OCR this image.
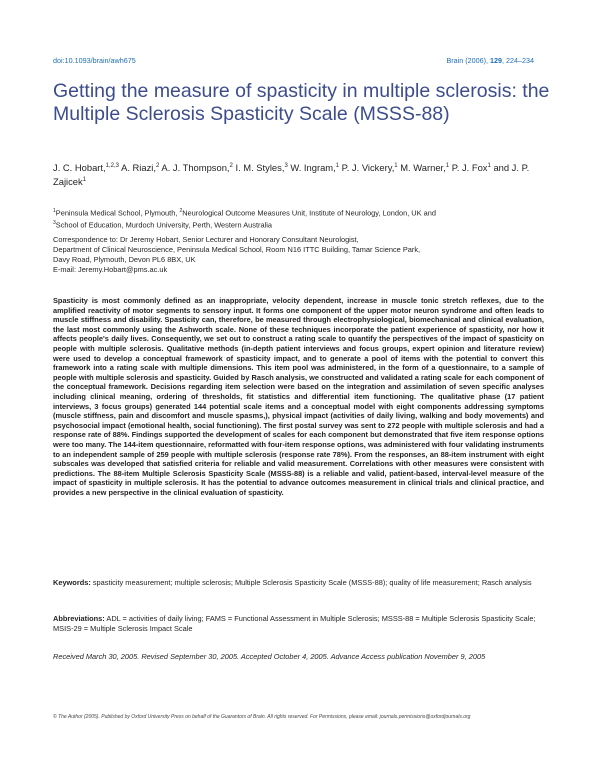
doi:10.1093/brain/awh675	Brain (2006), 129, 224–234
Getting the measure of spasticity in multiple sclerosis: the Multiple Sclerosis Spasticity Scale (MSSS-88)
J. C. Hobart,$^{1,2,3}$ A. Riazi,$^2$ A. J. Thompson,$^2$ I. M. Styles,$^3$ W. Ingram,$^1$ P. J. Vickery,$^1$ M. Warner,$^1$ P. J. Fox$^1$ and J. P. Zajicek$^1$
$^1$Peninsula Medical School, Plymouth, $^2$Neurological Outcome Measures Unit, Institute of Neurology, London, UK and
$^3$School of Education, Murdoch University, Perth, Western Australia
Correspondence to: Dr Jeremy Hobart, Senior Lecturer and Honorary Consultant Neurologist,
Department of Clinical Neuroscience, Peninsula Medical School, Room N16 ITTC Building, Tamar Science Park,
Davy Road, Plymouth, Devon PL6 8BX, UK
E-mail: Jeremy.Hobart@pms.ac.uk
Spasticity is most commonly defined as an inappropriate, velocity dependent, increase in muscle tonic stretch reflexes, due to the amplified reactivity of motor segments to sensory input. It forms one component of the upper motor neuron syndrome and often leads to muscle stiffness and disability. Spasticity can, therefore, be measured through electrophysiological, biomechanical and clinical evaluation, the last most commonly using the Ashworth scale. None of these techniques incorporate the patient experience of spasticity, nor how it affects people's daily lives. Consequently, we set out to construct a rating scale to quantify the perspectives of the impact of spasticity on people with multiple sclerosis. Qualitative methods (in-depth patient interviews and focus groups, expert opinion and literature review) were used to develop a conceptual framework of spasticity impact, and to generate a pool of items with the potential to convert this framework into a rating scale with multiple dimensions. This item pool was administered, in the form of a questionnaire, to a sample of people with multiple sclerosis and spasticity. Guided by Rasch analysis, we constructed and validated a rating scale for each component of the conceptual framework. Decisions regarding item selection were based on the integration and assimilation of seven specific analyses including clinical meaning, ordering of thresholds, fit statistics and differential item functioning. The qualitative phase (17 patient interviews, 3 focus groups) generated 144 potential scale items and a conceptual model with eight components addressing symptoms (muscle stiffness, pain and discomfort and muscle spasms,), physical impact (activities of daily living, walking and body movements) and psychosocial impact (emotional health, social functioning). The first postal survey was sent to 272 people with multiple sclerosis and had a response rate of 88%. Findings supported the development of scales for each component but demonstrated that five item response options were too many. The 144-item questionnaire, reformatted with four-item response options, was administered with four validating instruments to an independent sample of 259 people with multiple sclerosis (response rate 78%). From the responses, an 88-item instrument with eight subscales was developed that satisfied criteria for reliable and valid measurement. Correlations with other measures were consistent with predictions. The 88-item Multiple Sclerosis Spasticity Scale (MSSS-88) is a reliable and valid, patient-based, interval-level measure of the impact of spasticity in multiple sclerosis. It has the potential to advance outcomes measurement in clinical trials and clinical practice, and provides a new perspective in the clinical evaluation of spasticity.
Keywords: spasticity measurement; multiple sclerosis; Multiple Sclerosis Spasticity Scale (MSSS-88); quality of life measurement; Rasch analysis
Abbreviations: ADL = activities of daily living; FAMS = Functional Assessment in Multiple Sclerosis; MSSS-88 = Multiple Sclerosis Spasticity Scale; MSIS-29 = Multiple Sclerosis Impact Scale
Received March 30, 2005. Revised September 30, 2005. Accepted October 4, 2005. Advance Access publication November 9, 2005
© The Author (2005). Published by Oxford University Press on behalf of the Guarantors of Brain. All rights reserved. For Permissions, please email: journals.permissions@oxfordjournals.org
